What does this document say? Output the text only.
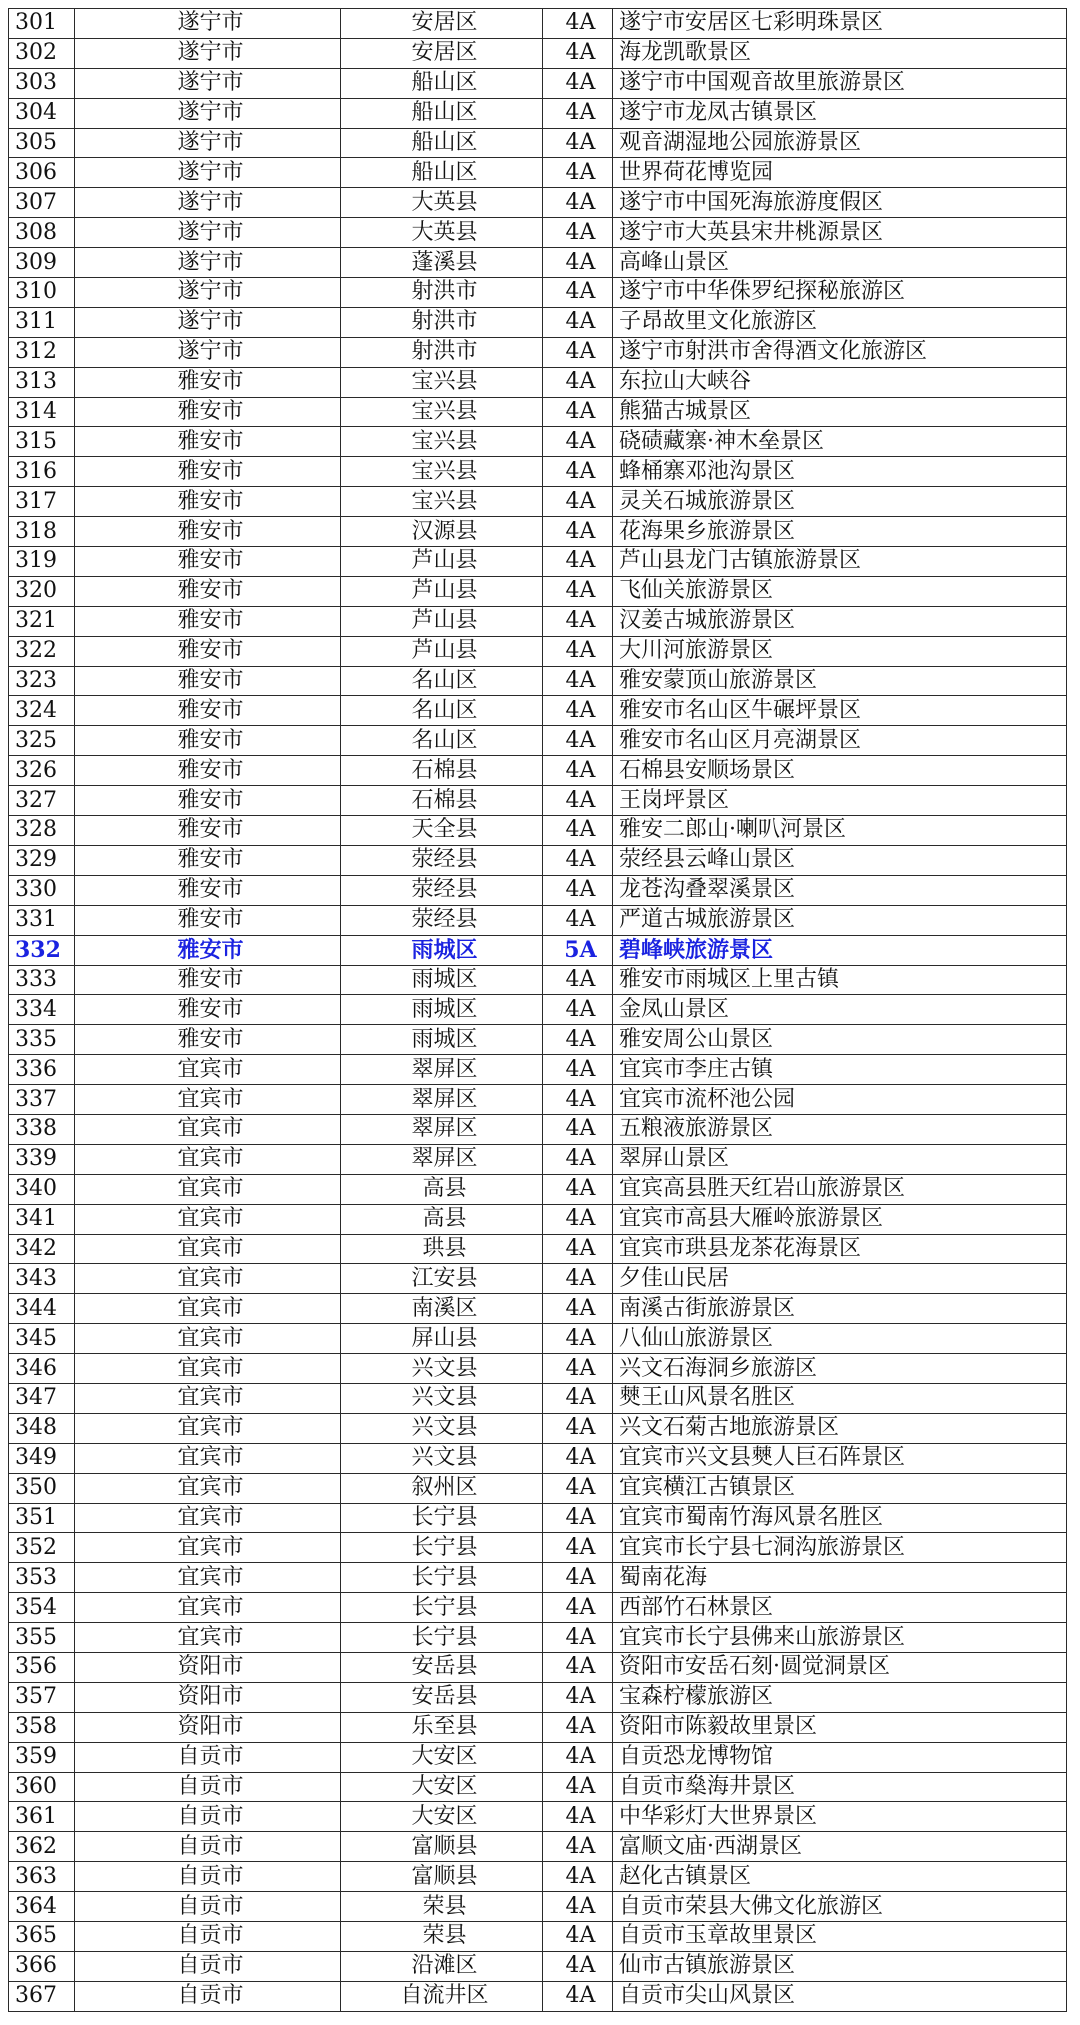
301	遂宁市	安居区	4A	遂宁市安居区七彩明珠景区
302	遂宁市	安居区	4A	海龙凯歌景区
303	遂宁市	船山区	4A	遂宁市中国观音故里旅游景区
304	遂宁市	船山区	4A	遂宁市龙凤古镇景区
305	遂宁市	船山区	4A	观音湖湿地公园旅游景区
306	遂宁市	船山区	4A	世界荷花博览园
307	遂宁市	大英县	4A	遂宁市中国死海旅游度假区
308	遂宁市	大英县	4A	遂宁市大英县宋井桃源景区
309	遂宁市	蓬溪县	4A	高峰山景区
310	遂宁市	射洪市	4A	遂宁市中华侏罗纪探秘旅游区
311	遂宁市	射洪市	4A	子昂故里文化旅游区
312	遂宁市	射洪市	4A	遂宁市射洪市舍得酒文化旅游区
313	雅安市	宝兴县	4A	东拉山大峡谷
314	雅安市	宝兴县	4A	熊猫古城景区
315	雅安市	宝兴县	4A	硗碛藏寨·神木垒景区
316	雅安市	宝兴县	4A	蜂桶寨邓池沟景区
317	雅安市	宝兴县	4A	灵关石城旅游景区
318	雅安市	汉源县	4A	花海果乡旅游景区
319	雅安市	芦山县	4A	芦山县龙门古镇旅游景区
320	雅安市	芦山县	4A	飞仙关旅游景区
321	雅安市	芦山县	4A	汉姜古城旅游景区
322	雅安市	芦山县	4A	大川河旅游景区
323	雅安市	名山区	4A	雅安蒙顶山旅游景区
324	雅安市	名山区	4A	雅安市名山区牛碾坪景区
325	雅安市	名山区	4A	雅安市名山区月亮湖景区
326	雅安市	石棉县	4A	石棉县安顺场景区
327	雅安市	石棉县	4A	王岗坪景区
328	雅安市	天全县	4A	雅安二郎山·喇叭河景区
329	雅安市	荥经县	4A	荥经县云峰山景区
330	雅安市	荥经县	4A	龙苍沟叠翠溪景区
331	雅安市	荥经县	4A	严道古城旅游景区
332	雅安市	雨城区	5A	碧峰峡旅游景区
333	雅安市	雨城区	4A	雅安市雨城区上里古镇
334	雅安市	雨城区	4A	金凤山景区
335	雅安市	雨城区	4A	雅安周公山景区
336	宜宾市	翠屏区	4A	宜宾市李庄古镇
337	宜宾市	翠屏区	4A	宜宾市流杯池公园
338	宜宾市	翠屏区	4A	五粮液旅游景区
339	宜宾市	翠屏区	4A	翠屏山景区
340	宜宾市	高县	4A	宜宾高县胜天红岩山旅游景区
341	宜宾市	高县	4A	宜宾市高县大雁岭旅游景区
342	宜宾市	珙县	4A	宜宾市珙县龙茶花海景区
343	宜宾市	江安县	4A	夕佳山民居
344	宜宾市	南溪区	4A	南溪古街旅游景区
345	宜宾市	屏山县	4A	八仙山旅游景区
346	宜宾市	兴文县	4A	兴文石海洞乡旅游区
347	宜宾市	兴文县	4A	僰王山风景名胜区
348	宜宾市	兴文县	4A	兴文石菊古地旅游景区
349	宜宾市	兴文县	4A	宜宾市兴文县僰人巨石阵景区
350	宜宾市	叙州区	4A	宜宾横江古镇景区
351	宜宾市	长宁县	4A	宜宾市蜀南竹海风景名胜区
352	宜宾市	长宁县	4A	宜宾市长宁县七洞沟旅游景区
353	宜宾市	长宁县	4A	蜀南花海
354	宜宾市	长宁县	4A	西部竹石林景区
355	宜宾市	长宁县	4A	宜宾市长宁县佛来山旅游景区
356	资阳市	安岳县	4A	资阳市安岳石刻·圆觉洞景区
357	资阳市	安岳县	4A	宝森柠檬旅游区
358	资阳市	乐至县	4A	资阳市陈毅故里景区
359	自贡市	大安区	4A	自贡恐龙博物馆
360	自贡市	大安区	4A	自贡市燊海井景区
361	自贡市	大安区	4A	中华彩灯大世界景区
362	自贡市	富顺县	4A	富顺文庙·西湖景区
363	自贡市	富顺县	4A	赵化古镇景区
364	自贡市	荣县	4A	自贡市荣县大佛文化旅游区
365	自贡市	荣县	4A	自贡市玉章故里景区
366	自贡市	沿滩区	4A	仙市古镇旅游景区
367	自贡市	自流井区	4A	自贡市尖山风景区
